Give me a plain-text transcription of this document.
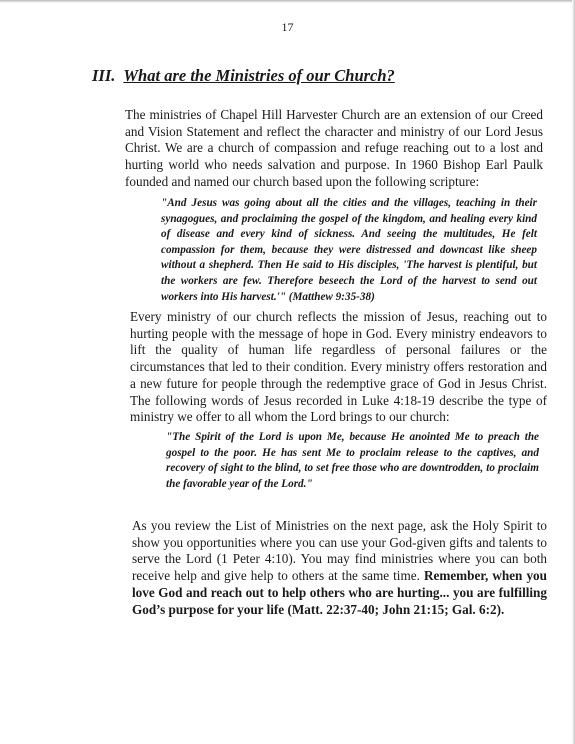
17
III. What are the Ministries of our Church?

The ministries of Chapel Hill Harvester Church are an extension of our Creed and Vision Statement and reflect the character and ministry of our Lord Jesus Christ. We are a church of compassion and refuge reaching out to a lost and hurting world who needs salvation and purpose. In 1960 Bishop Earl Paulk founded and named our church based upon the following scripture:

"And Jesus was going about all the cities and the villages, teaching in their synagogues, and proclaiming the gospel of the kingdom, and healing every kind of disease and every kind of sickness. And seeing the multitudes, He felt compassion for them, because they were distressed and downcast like sheep without a shepherd. Then He said to His disciples, 'The harvest is plentiful, but the workers are few. Therefore beseech the Lord of the harvest to send out workers into His harvest.'" (Matthew 9:35-38)

Every ministry of our church reflects the mission of Jesus, reaching out to hurting people with the message of hope in God. Every ministry endeavors to lift the quality of human life regardless of personal failures or the circumstances that led to their condition. Every ministry offers restoration and a new future for people through the redemptive grace of God in Jesus Christ. The following words of Jesus recorded in Luke 4:18-19 describe the type of ministry we offer to all whom the Lord brings to our church:

"The Spirit of the Lord is upon Me, because He anointed Me to preach the gospel to the poor. He has sent Me to proclaim release to the captives, and recovery of sight to the blind, to set free those who are downtrodden, to proclaim the favorable year of the Lord."

As you review the List of Ministries on the next page, ask the Holy Spirit to show you opportunities where you can use your God-given gifts and talents to serve the Lord (1 Peter 4:10). You may find ministries where you can both receive help and give help to others at the same time. Remember, when you love God and reach out to help others who are hurting... you are fulfilling God’s purpose for your life (Matt. 22:37-40; John 21:15; Gal. 6:2).
